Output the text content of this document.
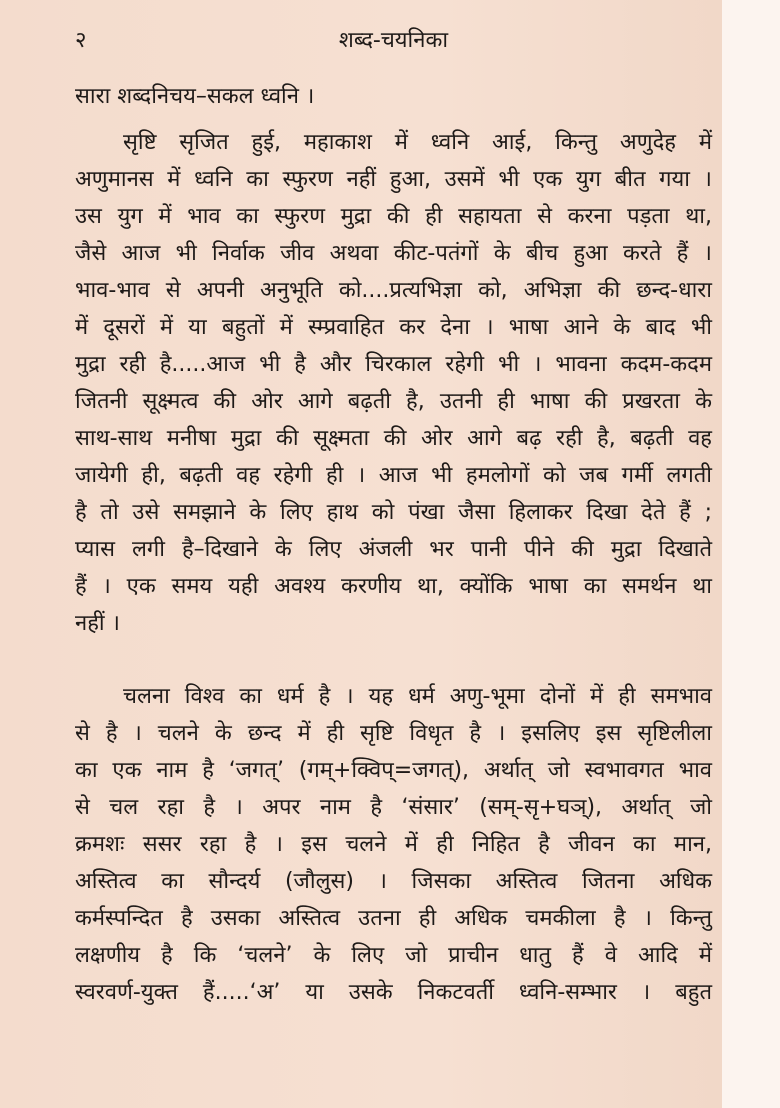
२	शब्द-चयनिका
सारा शब्दनिचय–सकल ध्वनि ।
सृष्टि सृजित हुई, महाकाश में ध्वनि आई, किन्तु अणुदेह में
अणुमानस में ध्वनि का स्फुरण नहीं हुआ, उसमें भी एक युग बीत गया ।
उस युग में भाव का स्फुरण मुद्रा की ही सहायता से करना पड़ता था,
जैसे आज भी निर्वाक जीव अथवा कीट-पतंगों के बीच हुआ करते हैं ।
भाव-भाव से अपनी अनुभूति को....प्रत्यभिज्ञा को, अभिज्ञा की छन्द-धारा
में दूसरों में या बहुतों में स्म्प्रवाहित कर देना । भाषा आने के बाद भी
मुद्रा रही है.....आज भी है और चिरकाल रहेगी भी । भावना कदम-कदम
जितनी सूक्ष्मत्व की ओर आगे बढ़ती है, उतनी ही भाषा की प्रखरता के
साथ-साथ मनीषा मुद्रा की सूक्ष्मता की ओर आगे बढ़ रही है, बढ़ती वह
जायेगी ही, बढ़ती वह रहेगी ही । आज भी हमलोगों को जब गर्मी लगती
है तो उसे समझाने के लिए हाथ को पंखा जैसा हिलाकर दिखा देते हैं ;
प्यास लगी है–दिखाने के लिए अंजली भर पानी पीने की मुद्रा दिखाते
हैं । एक समय यही अवश्य करणीय था, क्योंकि भाषा का समर्थन था
नहीं ।
चलना विश्व का धर्म है । यह धर्म अणु-भूमा दोनों में ही समभाव
से है । चलने के छन्द में ही सृष्टि विधृत है । इसलिए इस सृष्टिलीला
का एक नाम है ‘जगत्’ (गम्+क्विप्=जगत्), अर्थात् जो स्वभावगत भाव
से चल रहा है । अपर नाम है ‘संसार’ (सम्-सृ+घञ्), अर्थात् जो
क्रमशः ससर रहा है । इस चलने में ही निहित है जीवन का मान,
अस्तित्व का सौन्दर्य (जौलुस) । जिसका अस्तित्व जितना अधिक
कर्मस्पन्दित है उसका अस्तित्व उतना ही अधिक चमकीला है । किन्तु
लक्षणीय है कि ‘चलने’ के लिए जो प्राचीन धातु हैं वे आदि में
स्वरवर्ण-युक्त हैं.....‘अ’ या उसके निकटवर्ती ध्वनि-सम्भार । बहुत
